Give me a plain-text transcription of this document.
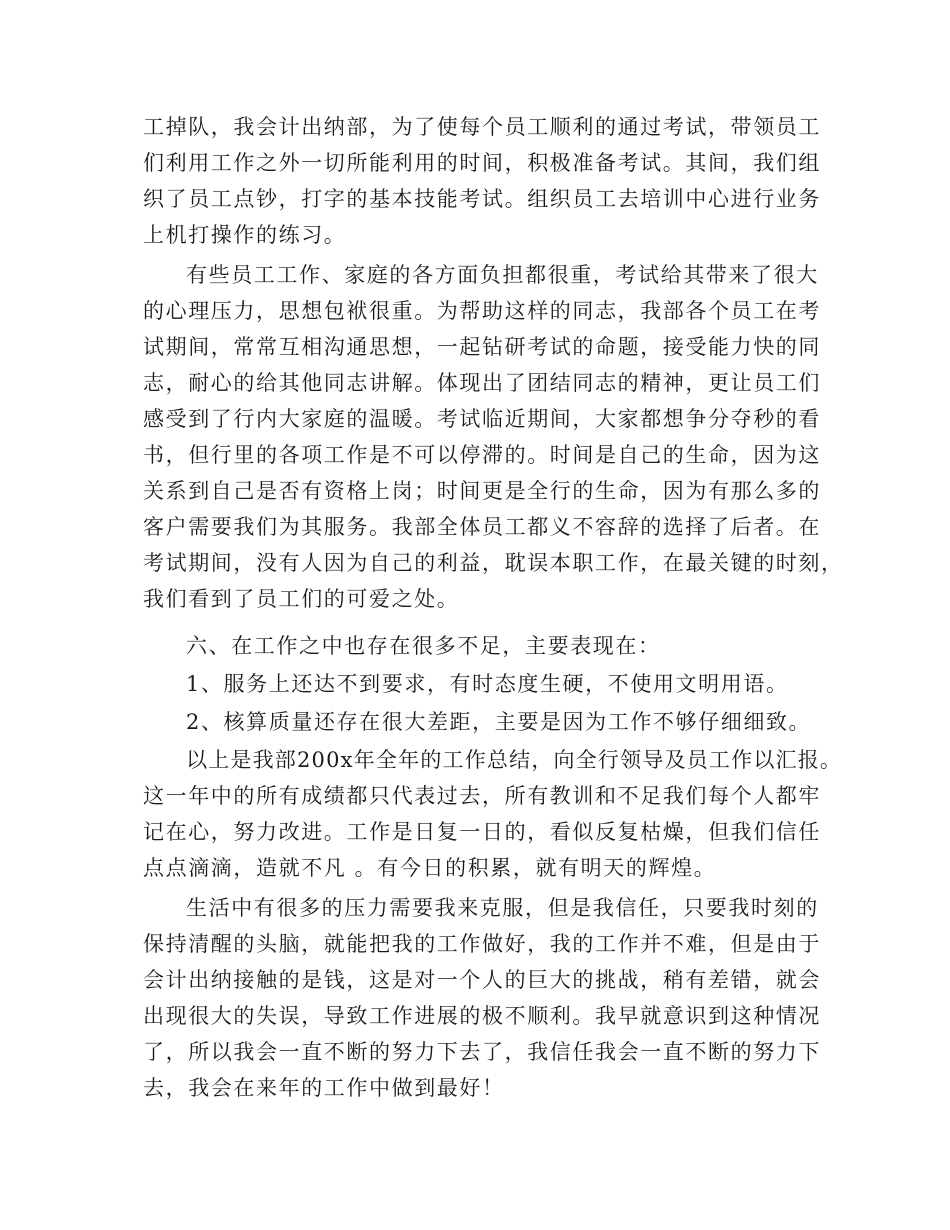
工掉队，我会计出纳部，为了使每个员工顺利的通过考试，带领员工
们利用工作之外一切所能利用的时间，积极准备考试。其间，我们组
织了员工点钞，打字的基本技能考试。组织员工去培训中心进行业务
上机打操作的练习。
有些员工工作、家庭的各方面负担都很重，考试给其带来了很大
的心理压力，思想包袱很重。为帮助这样的同志，我部各个员工在考
试期间，常常互相沟通思想，一起钻研考试的命题，接受能力快的同
志，耐心的给其他同志讲解。体现出了团结同志的精神，更让员工们
感受到了行内大家庭的温暖。考试临近期间，大家都想争分夺秒的看
书，但行里的各项工作是不可以停滞的。时间是自己的生命，因为这
关系到自己是否有资格上岗；时间更是全行的生命，因为有那么多的
客户需要我们为其服务。我部全体员工都义不容辞的选择了后者。在
考试期间，没有人因为自己的利益，耽误本职工作，在最关键的时刻，
我们看到了员工们的可爱之处。
六、在工作之中也存在很多不足，主要表现在：
1、服务上还达不到要求，有时态度生硬，不使用文明用语。
2、核算质量还存在很大差距，主要是因为工作不够仔细细致。
以上是我部200x年全年的工作总结，向全行领导及员工作以汇报。
这一年中的所有成绩都只代表过去，所有教训和不足我们每个人都牢
记在心，努力改进。工作是日复一日的，看似反复枯燥，但我们信任
点点滴滴，造就不凡 。有今日的积累，就有明天的辉煌。
生活中有很多的压力需要我来克服，但是我信任，只要我时刻的
保持清醒的头脑，就能把我的工作做好，我的工作并不难，但是由于
会计出纳接触的是钱，这是对一个人的巨大的挑战，稍有差错，就会
出现很大的失误，导致工作进展的极不顺利。我早就意识到这种情况
了，所以我会一直不断的努力下去了，我信任我会一直不断的努力下
去，我会在来年的工作中做到最好！
